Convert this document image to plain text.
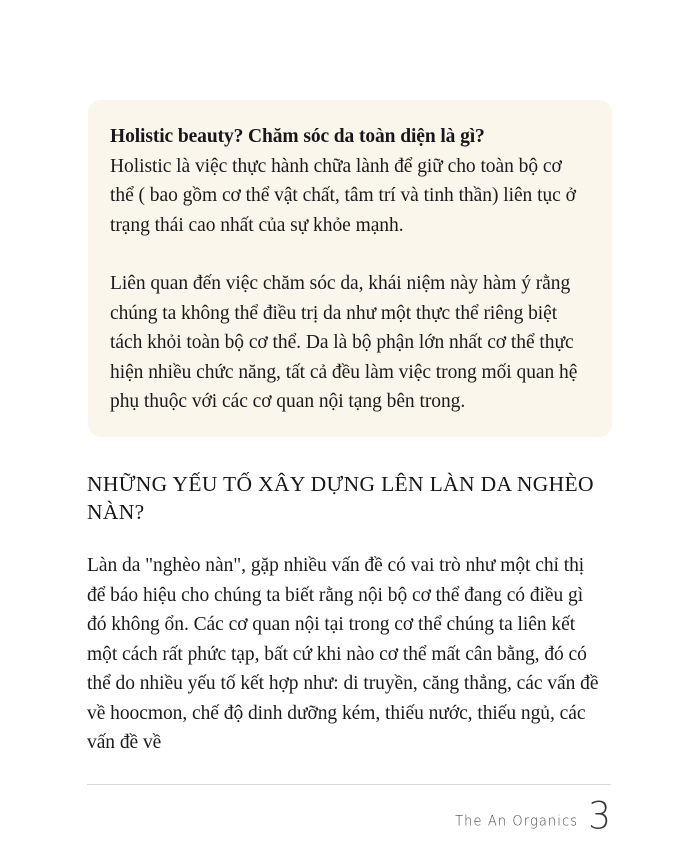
Holistic beauty? Chăm sóc da toàn diện là gì?

Holistic là việc thực hành chữa lành để giữ cho toàn bộ cơ thể ( bao gồm cơ thể vật chất, tâm trí và tinh thần) liên tục ở trạng thái cao nhất của sự khỏe mạnh.

Liên quan đến việc chăm sóc da, khái niệm này hàm ý rằng chúng ta không thể điều trị da như một thực thể riêng biệt tách khỏi toàn bộ cơ thể. Da là bộ phận lớn nhất cơ thể thực hiện nhiều chức năng, tất cả đều làm việc trong mối quan hệ phụ thuộc với các cơ quan nội tạng bên trong.

NHỮNG YẾU TỐ XÂY DỰNG LÊN LÀN DA NGHÈO NÀN?

Làn da "nghèo nàn", gặp nhiều vấn đề có vai trò như một chỉ thị để báo hiệu cho chúng ta biết rằng nội bộ cơ thể đang có điều gì đó không ổn. Các cơ quan nội tại trong cơ thể chúng ta liên kết một cách rất phức tạp, bất cứ khi nào cơ thể mất cân bằng, đó có thể do nhiều yếu tố kết hợp như: di truyền, căng thẳng, các vấn đề về hoocmon, chế độ dinh dưỡng kém, thiếu nước, thiếu ngủ, các vấn đề về

The An Organics 3
